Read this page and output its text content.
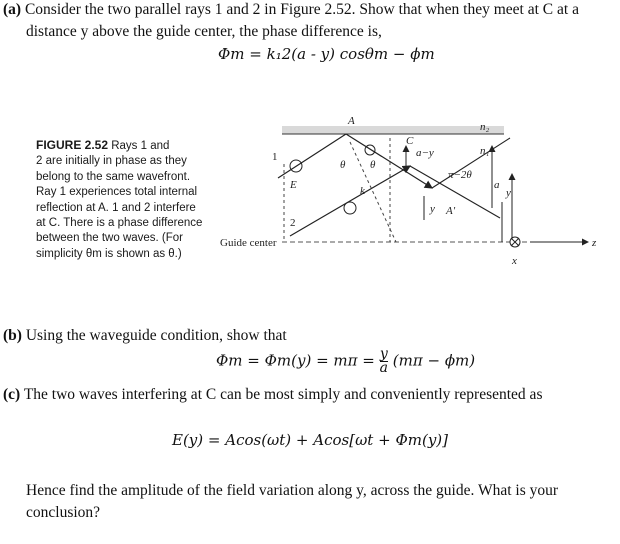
(a) Consider the two parallel rays 1 and 2 in Figure 2.52. Show that when they meet at C at a
distance y above the guide center, the phase difference is,
Φm = k₁2(a - y) cosθm − ϕm
FIGURE 2.52 Rays 1 and
2 are initially in phase as they
belong to the same wavefront.
Ray 1 experiences total internal
reflection at A. 1 and 2 interfere
at C. There is a phase difference
between the two waves. (For
simplicity θm is shown as θ.)
A
A′
C
E
1
2
θ θ
k
a−y
y
π−2θ
n₂
n₁
a
y
z
x
Guide center
(b) Using the waveguide condition, show that
$\Phi m = \Phi m(y) = m\pi = \frac{y}{a} (m\pi - \phi m)$
(c) The two waves interfering at C can be most simply and conveniently represented as
E(y) = Acos(ωt) + Acos[ωt + Φm(y)]
Hence find the amplitude of the field variation along y, across the guide. What is your
conclusion?
